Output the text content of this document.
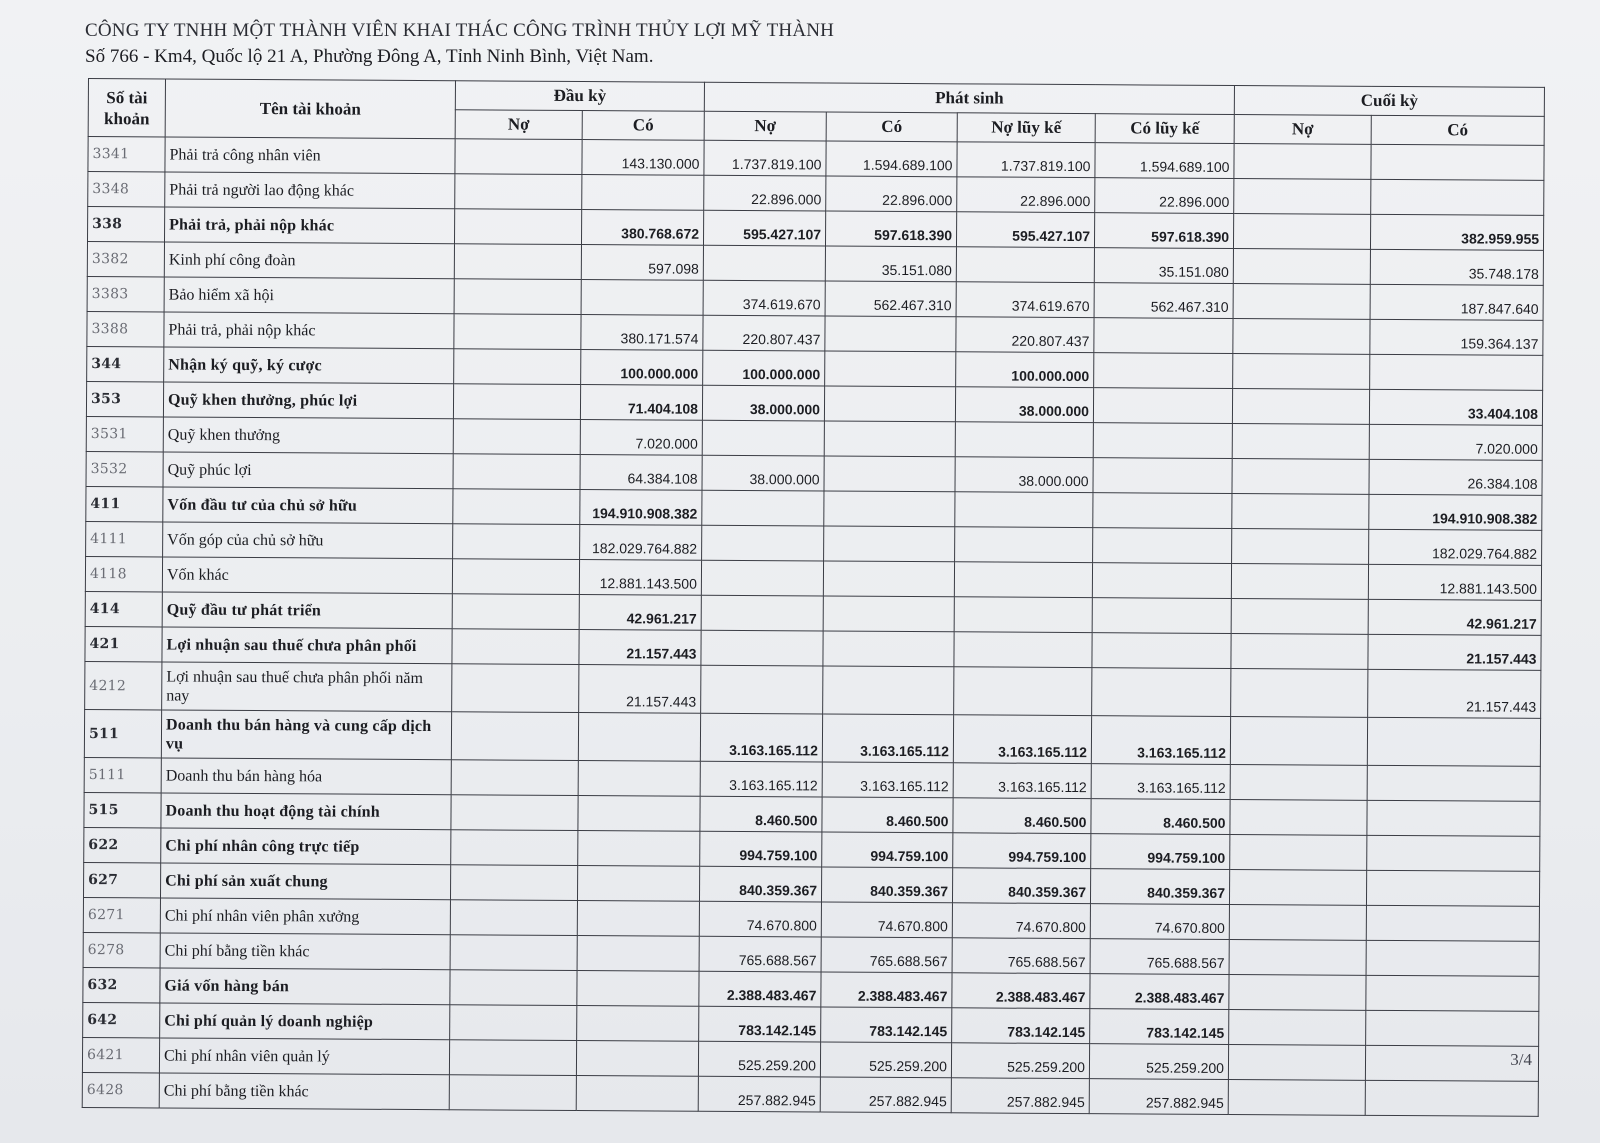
CÔNG TY TNHH MỘT THÀNH VIÊN KHAI THÁC CÔNG TRÌNH THỦY LỢI MỸ THÀNH
Số 766 - Km4, Quốc lộ 21 A, Phường Đông A, Tỉnh Ninh Bình, Việt Nam.
Số tài khoản	Tên tài khoản	Đầu kỳ		Phát sinh				Cuối kỳ	
		Nợ	Có	Nợ	Có	Nợ lũy kế	Có lũy kế	Nợ	Có
3341	Phải trả công nhân viên		143.130.000	1.737.819.100	1.594.689.100	1.737.819.100	1.594.689.100		
3348	Phải trả người lao động khác			22.896.000	22.896.000	22.896.000	22.896.000		
338	Phải trả, phải nộp khác		380.768.672	595.427.107	597.618.390	595.427.107	597.618.390		382.959.955
3382	Kinh phí công đoàn		597.098		35.151.080		35.151.080		35.748.178
3383	Bảo hiểm xã hội			374.619.670	562.467.310	374.619.670	562.467.310		187.847.640
3388	Phải trả, phải nộp khác		380.171.574	220.807.437		220.807.437			159.364.137
344	Nhận ký quỹ, ký cược		100.000.000	100.000.000		100.000.000			
353	Quỹ khen thưởng, phúc lợi		71.404.108	38.000.000		38.000.000			33.404.108
3531	Quỹ khen thưởng		7.020.000						7.020.000
3532	Quỹ phúc lợi		64.384.108	38.000.000		38.000.000			26.384.108
411	Vốn đầu tư của chủ sở hữu		194.910.908.382						194.910.908.382
4111	Vốn góp của chủ sở hữu		182.029.764.882						182.029.764.882
4118	Vốn khác		12.881.143.500						12.881.143.500
414	Quỹ đầu tư phát triển		42.961.217						42.961.217
421	Lợi nhuận sau thuế chưa phân phối		21.157.443						21.157.443
4212	Lợi nhuận sau thuế chưa phân phối năm nay		21.157.443						21.157.443
511	Doanh thu bán hàng và cung cấp dịch vụ			3.163.165.112	3.163.165.112	3.163.165.112	3.163.165.112		
5111	Doanh thu bán hàng hóa			3.163.165.112	3.163.165.112	3.163.165.112	3.163.165.112		
515	Doanh thu hoạt động tài chính			8.460.500	8.460.500	8.460.500	8.460.500		
622	Chi phí nhân công trực tiếp			994.759.100	994.759.100	994.759.100	994.759.100		
627	Chi phí sản xuất chung			840.359.367	840.359.367	840.359.367	840.359.367		
6271	Chi phí nhân viên phân xưởng			74.670.800	74.670.800	74.670.800	74.670.800		
6278	Chi phí bằng tiền khác			765.688.567	765.688.567	765.688.567	765.688.567		
632	Giá vốn hàng bán			2.388.483.467	2.388.483.467	2.388.483.467	2.388.483.467		
642	Chi phí quản lý doanh nghiệp			783.142.145	783.142.145	783.142.145	783.142.145		
6421	Chi phí nhân viên quản lý			525.259.200	525.259.200	525.259.200	525.259.200		
6428	Chi phí bằng tiền khác			257.882.945	257.882.945	257.882.945	257.882.945		
3/4
